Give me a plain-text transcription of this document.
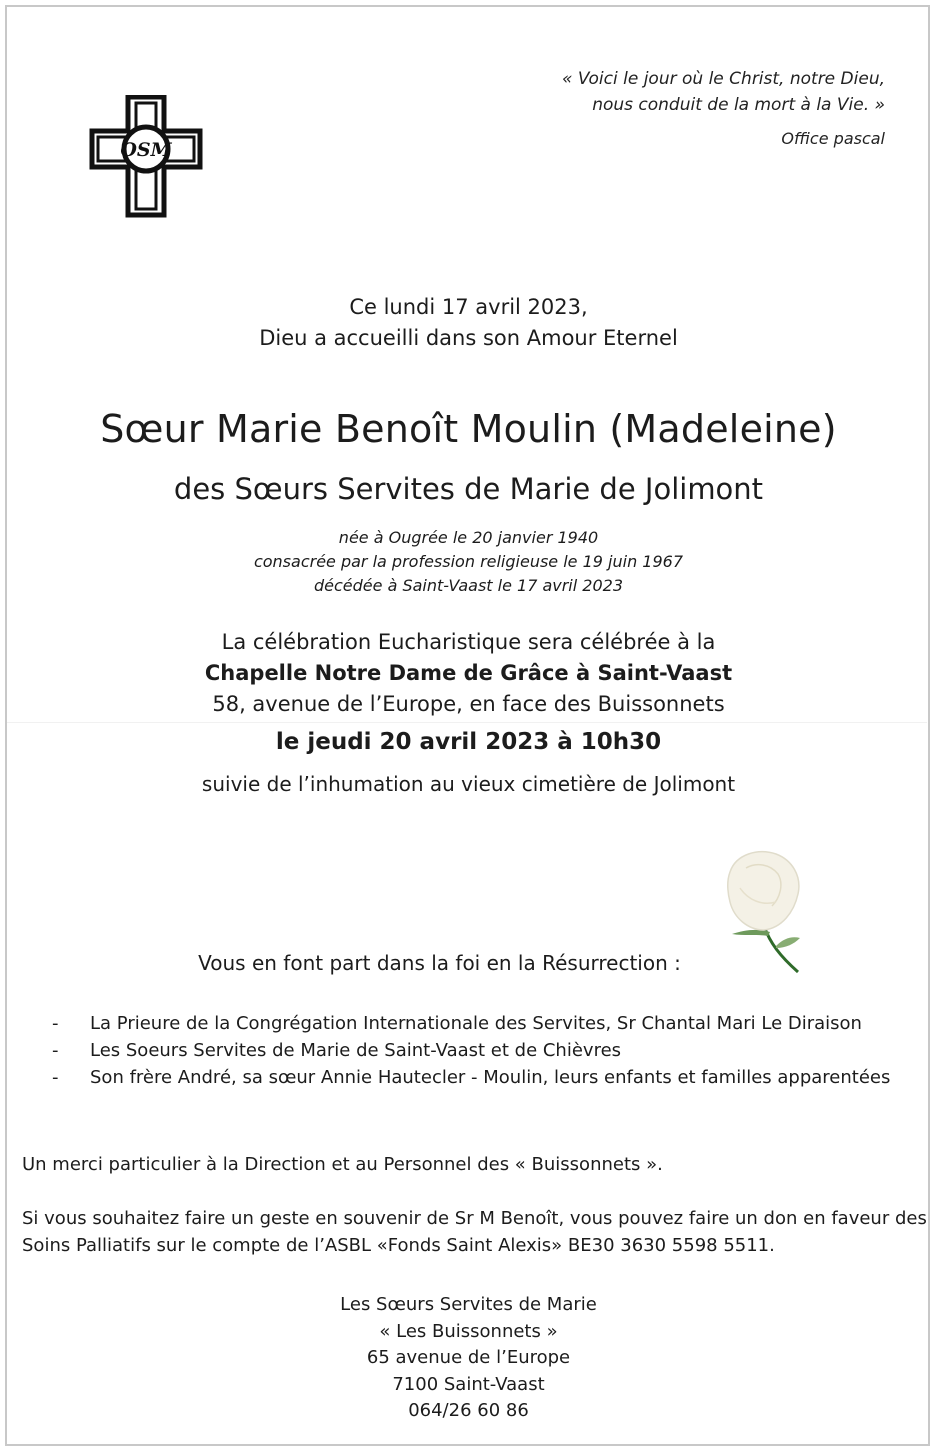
OSM
« Voici le jour où le Christ, notre Dieu,
nous conduit de la mort à la Vie. »
Office pascal
Ce lundi 17 avril 2023,
Dieu a accueilli dans son Amour Eternel
Sœur Marie Benoît Moulin (Madeleine)
des Sœurs Servites de Marie de Jolimont
née à Ougrée le 20 janvier 1940
consacrée par la profession religieuse le 19 juin 1967
décédée à Saint-Vaast le 17 avril 2023
La célébration Eucharistique sera célébrée à la
Chapelle Notre Dame de Grâce à Saint-Vaast
58, avenue de l’Europe, en face des Buissonnets
le jeudi 20 avril 2023 à 10h30
suivie de l’inhumation au vieux cimetière de Jolimont
Vous en font part dans la foi en la Résurrection :
- La Prieure de la Congrégation Internationale des Servites, Sr Chantal Mari Le Diraison
- Les Soeurs Servites de Marie de Saint-Vaast et de Chièvres
- Son frère André, sa sœur Annie Hautecler - Moulin, leurs enfants et familles apparentées
Un merci particulier à la Direction et au Personnel des « Buissonnets ».
Si vous souhaitez faire un geste en souvenir de Sr M Benoît, vous pouvez faire un don en faveur des
Soins Palliatifs sur le compte de l’ASBL «Fonds Saint Alexis» BE30 3630 5598 5511.
Les Sœurs Servites de Marie
« Les Buissonnets »
65 avenue de l’Europe
7100 Saint-Vaast
064/26 60 86
